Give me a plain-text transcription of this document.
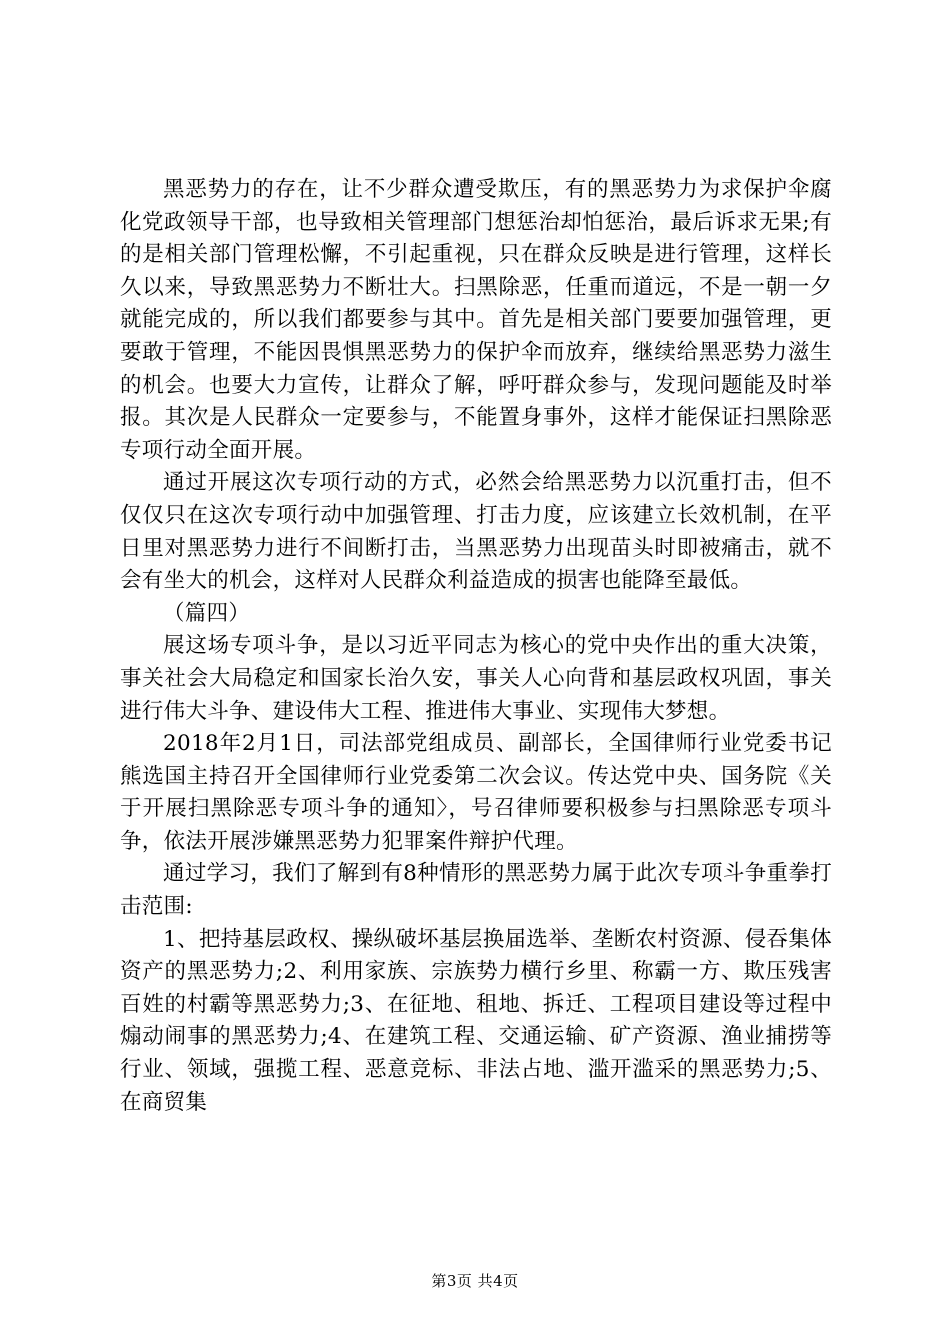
黑恶势力的存在，让不少群众遭受欺压，有的黑恶势力为求保护伞腐化党政领导干部，也导致相关管理部门想惩治却怕惩治，最后诉求无果;有的是相关部门管理松懈，不引起重视，只在群众反映是进行管理，这样长久以来，导致黑恶势力不断壮大。扫黑除恶，任重而道远，不是一朝一夕就能完成的，所以我们都要参与其中。首先是相关部门要要加强管理，更要敢于管理，不能因畏惧黑恶势力的保护伞而放弃，继续给黑恶势力滋生的机会。也要大力宣传，让群众了解，呼吁群众参与，发现问题能及时举报。其次是人民群众一定要参与，不能置身事外，这样才能保证扫黑除恶专项行动全面开展。

通过开展这次专项行动的方式，必然会给黑恶势力以沉重打击，但不仅仅只在这次专项行动中加强管理、打击力度，应该建立长效机制，在平日里对黑恶势力进行不间断打击，当黑恶势力出现苗头时即被痛击，就不会有坐大的机会，这样对人民群众利益造成的损害也能降至最低。

（篇四）

展这场专项斗争，是以习近平同志为核心的党中央作出的重大决策，事关社会大局稳定和国家长治久安，事关人心向背和基层政权巩固，事关进行伟大斗争、建设伟大工程、推进伟大事业、实现伟大梦想。

2018年2月1日，司法部党组成员、副部长，全国律师行业党委书记熊选国主持召开全国律师行业党委第二次会议。传达党中央、国务院《关于开展扫黑除恶专项斗争的通知〉，号召律师要积极参与扫黑除恶专项斗争，依法开展涉嫌黑恶势力犯罪案件辩护代理。

通过学习，我们了解到有8种情形的黑恶势力属于此次专项斗争重拳打击范围:

1、把持基层政权、操纵破坏基层换届选举、垄断农村资源、侵吞集体资产的黑恶势力;2、利用家族、宗族势力横行乡里、称霸一方、欺压残害百姓的村霸等黑恶势力;3、在征地、租地、拆迁、工程项目建设等过程中煽动闹事的黑恶势力;4、在建筑工程、交通运输、矿产资源、渔业捕捞等行业、领域，强揽工程、恶意竞标、非法占地、滥开滥采的黑恶势力;5、在商贸集

第3页 共4页
